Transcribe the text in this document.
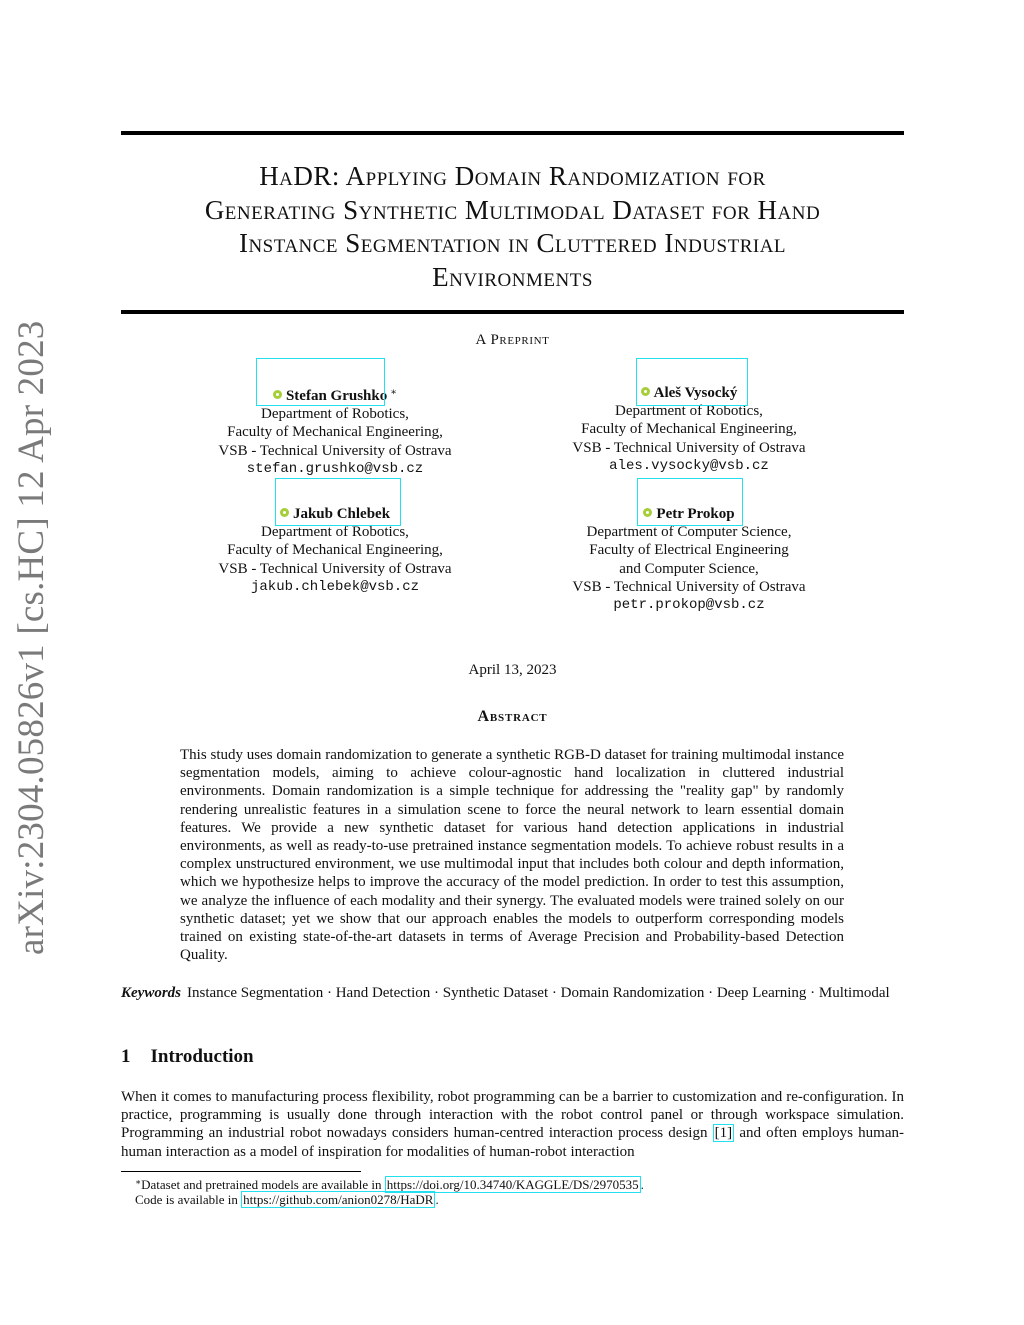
arXiv:2304.05826v1 [cs.HC] 12 Apr 2023
HaDR: Applying Domain Randomization for
Generating Synthetic Multimodal Dataset for Hand
Instance Segmentation in Cluttered Industrial
Environments
A Preprint
Stefan Grushko ∗
Department of Robotics,
Faculty of Mechanical Engineering,
VSB - Technical University of Ostrava
stefan.grushko@vsb.cz
Aleš Vysocký
Department of Robotics,
Faculty of Mechanical Engineering,
VSB - Technical University of Ostrava
ales.vysocky@vsb.cz
Jakub Chlebek
Department of Robotics,
Faculty of Mechanical Engineering,
VSB - Technical University of Ostrava
jakub.chlebek@vsb.cz
Petr Prokop
Department of Computer Science,
Faculty of Electrical Engineering
and Computer Science,
VSB - Technical University of Ostrava
petr.prokop@vsb.cz
April 13, 2023
Abstract
This study uses domain randomization to generate a synthetic RGB-D dataset for training multimodal instance segmentation models, aiming to achieve colour-agnostic hand localization in cluttered industrial environments. Domain randomization is a simple technique for addressing the "reality gap" by randomly rendering unrealistic features in a simulation scene to force the neural network to learn essential domain features. We provide a new synthetic dataset for various hand detection applications in industrial environments, as well as ready-to-use pretrained instance segmentation models. To achieve robust results in a complex unstructured environment, we use multimodal input that includes both colour and depth information, which we hypothesize helps to improve the accuracy of the model prediction. In order to test this assumption, we analyze the influence of each modality and their synergy. The evaluated models were trained solely on our synthetic dataset; yet we show that our approach enables the models to outperform corresponding models trained on existing state-of-the-art datasets in terms of Average Precision and Probability-based Detection Quality.
Keywords Instance Segmentation · Hand Detection · Synthetic Dataset · Domain Randomization · Deep Learning · Multimodal
1 Introduction
When it comes to manufacturing process flexibility, robot programming can be a barrier to customization and re-configuration. In practice, programming is usually done through interaction with the robot control panel or through workspace simulation. Programming an industrial robot nowadays considers human-centred interaction process design [1] and often employs human-human interaction as a model of inspiration for modalities of human-robot interaction
∗Dataset and pretrained models are available in https://doi.org/10.34740/KAGGLE/DS/2970535 .
Code is available in https://github.com/anion0278/HaDR .
